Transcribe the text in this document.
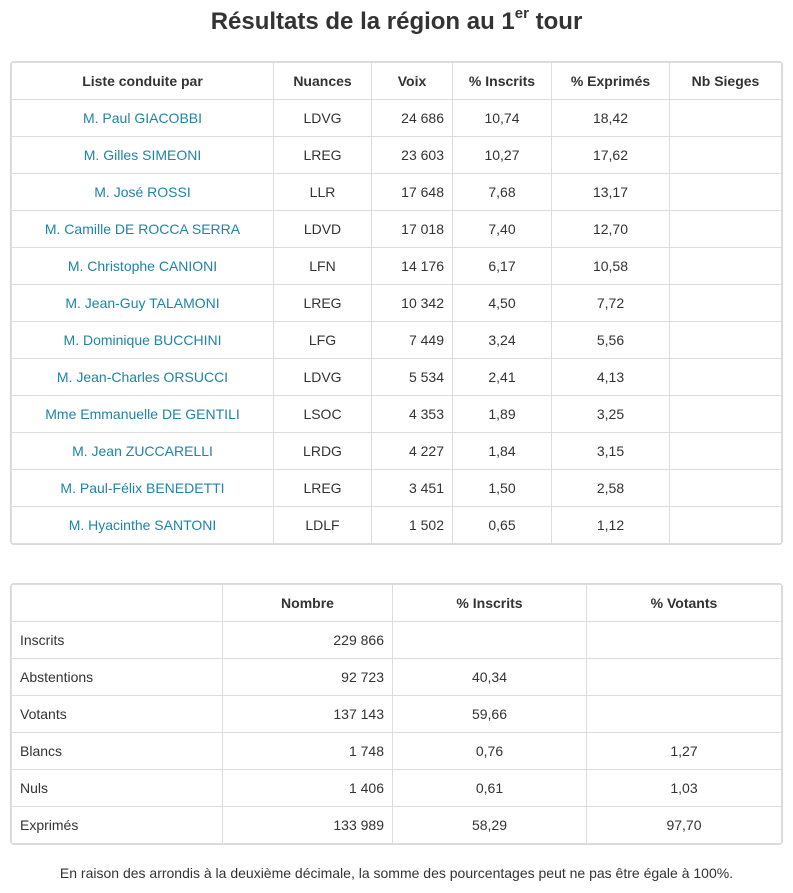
Résultats de la région au 1er tour
Liste conduite par	Nuances	Voix	% Inscrits	% Exprimés	Nb Sieges
M. Paul GIACOBBI	LDVG	24 686	10,74	18,42	
M. Gilles SIMEONI	LREG	23 603	10,27	17,62	
M. José ROSSI	LLR	17 648	7,68	13,17	
M. Camille DE ROCCA SERRA	LDVD	17 018	7,40	12,70	
M. Christophe CANIONI	LFN	14 176	6,17	10,58	
M. Jean-Guy TALAMONI	LREG	10 342	4,50	7,72	
M. Dominique BUCCHINI	LFG	7 449	3,24	5,56	
M. Jean-Charles ORSUCCI	LDVG	5 534	2,41	4,13	
Mme Emmanuelle DE GENTILI	LSOC	4 353	1,89	3,25	
M. Jean ZUCCARELLI	LRDG	4 227	1,84	3,15	
M. Paul-Félix BENEDETTI	LREG	3 451	1,50	2,58	
M. Hyacinthe SANTONI	LDLF	1 502	0,65	1,12	
	Nombre	% Inscrits	% Votants
Inscrits	229 866		
Abstentions	92 723	40,34	
Votants	137 143	59,66	
Blancs	1 748	0,76	1,27
Nuls	1 406	0,61	1,03
Exprimés	133 989	58,29	97,70
En raison des arrondis à la deuxième décimale, la somme des pourcentages peut ne pas être égale à 100%.
